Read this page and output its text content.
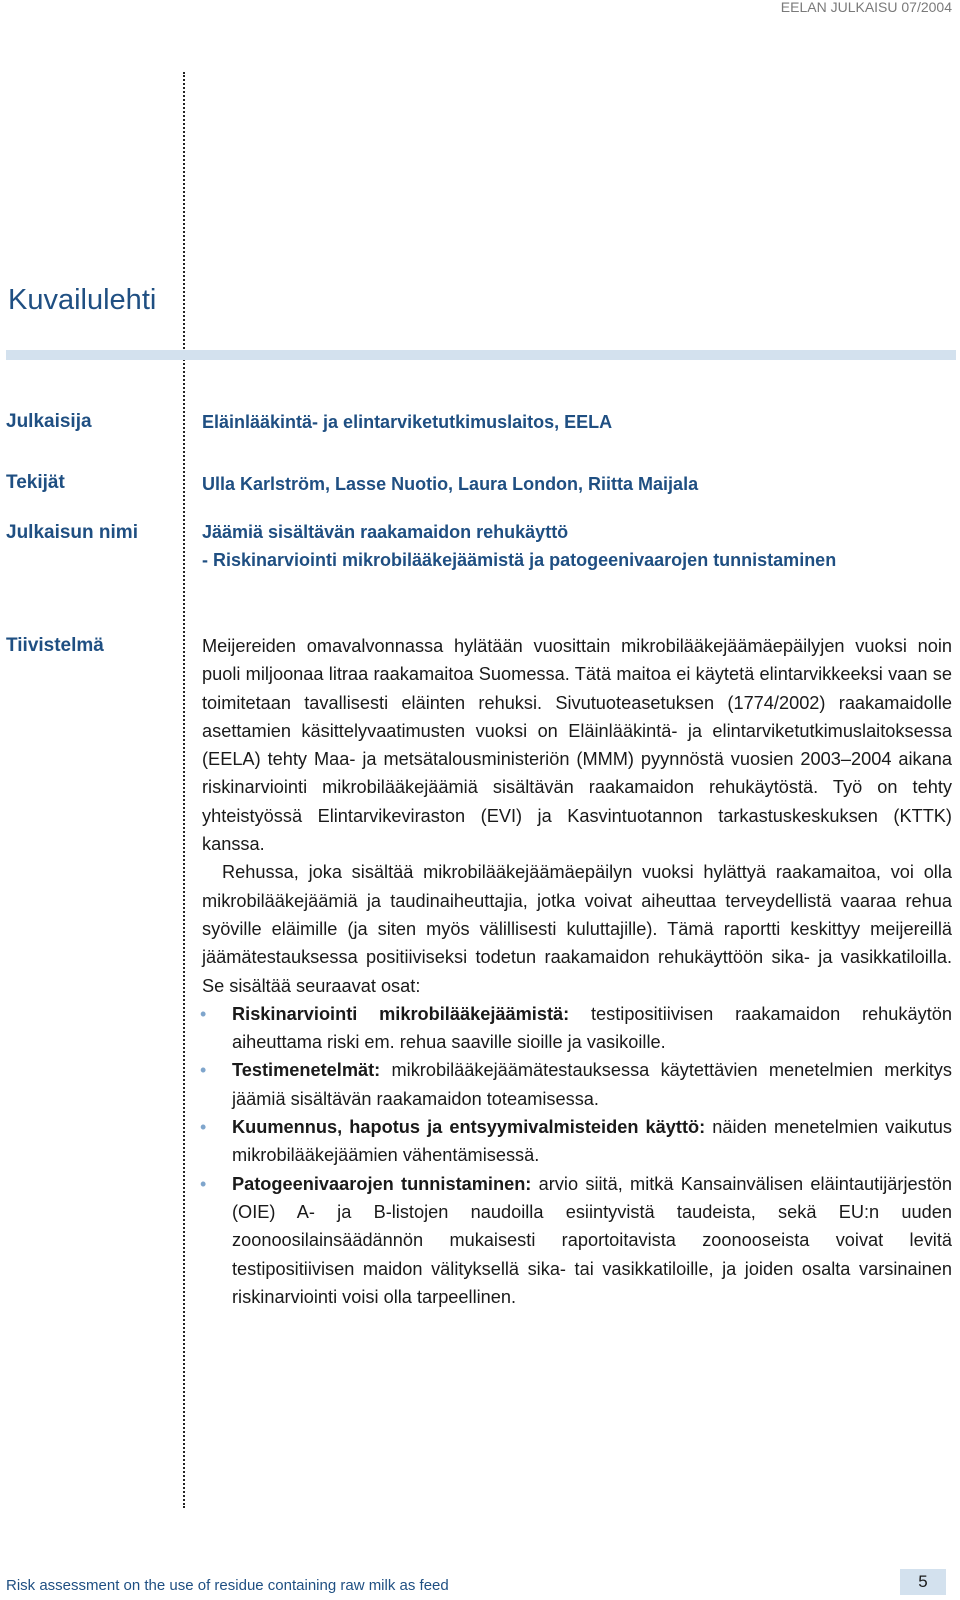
EELAN JULKAISU 07/2004
Kuvailulehti
Julkaisija	Eläinlääkintä- ja elintarviketutkimuslaitos, EELA
Tekijät	Ulla Karlström, Lasse Nuotio, Laura London, Riitta Maijala
Julkaisun nimi	Jäämiä sisältävän raakamaidon rehukäyttö
- Riskinarviointi mikrobilääkejäämistä ja patogeenivaarojen tunnistaminen
Tiivistelmä	Meijereiden omavalvonnassa hylätään vuosittain mikrobilääkejäämäepäilyjen vuoksi noin puoli miljoonaa litraa raakamaitoa Suomessa. Tätä maitoa ei käytetä elintarvikkeeksi vaan se toimitetaan tavallisesti eläinten rehuksi. Sivutuoteasetuksen (1774/2002) raakamaidolle asettamien käsittelyvaatimusten vuoksi on Eläinlääkintä- ja elintarviketutkimuslaitoksessa (EELA) tehty Maa- ja metsätalousministeriön (MMM) pyynnöstä vuosien 2003–2004 aikana riskinarviointi mikrobilääkejäämiä sisältävän raakamaidon rehukäytöstä. Työ on tehty yhteistyössä Elintarvikeviraston (EVI) ja Kasvintuotannon tarkastuskeskuksen (KTTK) kanssa.

Rehussa, joka sisältää mikrobilääkejäämäepäilyn vuoksi hylättyä raakamaitoa, voi olla mikrobilääkejäämiä ja taudinaiheuttajia, jotka voivat aiheuttaa terveydellistä vaaraa rehua syöville eläimille (ja siten myös välillisesti kuluttajille). Tämä raportti keskittyy meijereillä jäämätestauksessa positiiviseksi todetun raakamaidon rehukäyttöön sika- ja vasikkatiloilla. Se sisältää seuraavat osat:

• Riskinarviointi mikrobilääkejäämistä: testipositiivisen raakamaidon rehukäytön aiheuttama riski em. rehua saaville sioille ja vasikoille.
• Testimenetelmät: mikrobilääkejäämätestauksessa käytettävien menetelmien merkitys jäämiä sisältävän raakamaidon toteamisessa.
• Kuumennus, hapotus ja entsyymivalmisteiden käyttö: näiden menetelmien vaikutus mikrobilääkejäämien vähentämisessä.
• Patogeenivaarojen tunnistaminen: arvio siitä, mitkä Kansainvälisen eläintautijärjestön (OIE) A- ja B-listojen naudoilla esiintyvistä taudeista, sekä EU:n uuden zoonoosilainsäädännön mukaisesti raportoitavista zoonooseista voivat levitä testipositiivisen maidon välityksellä sika- tai vasikkatiloille, ja joiden osalta varsinainen riskinarviointi voisi olla tarpeellinen.
Risk assessment on the use of residue containing raw milk as feed	5
